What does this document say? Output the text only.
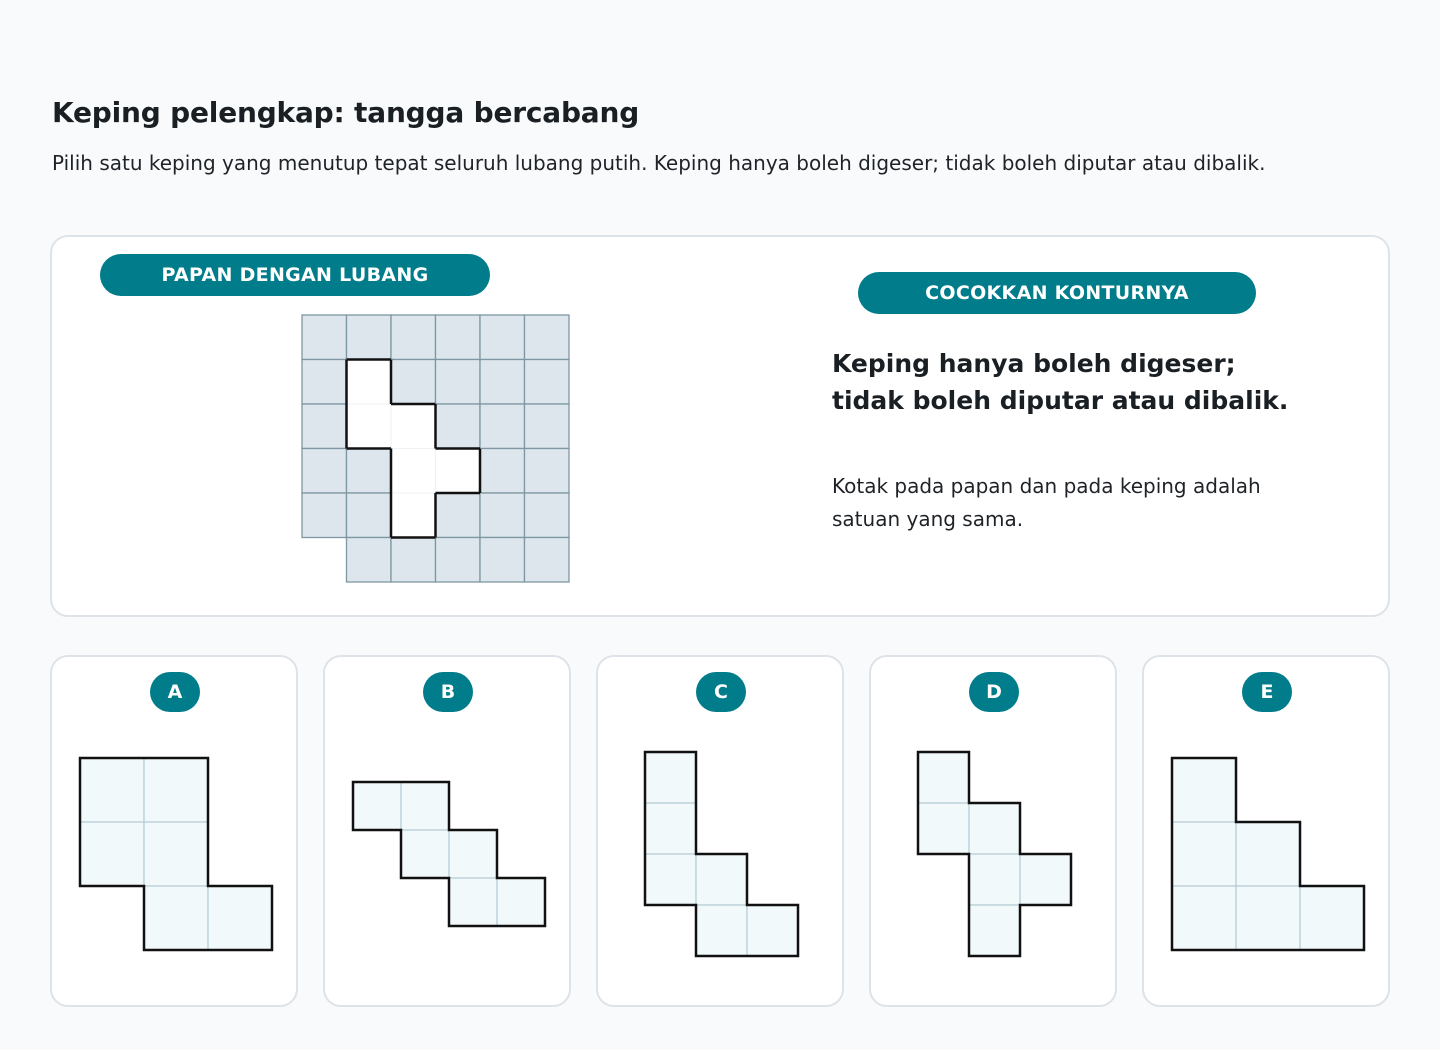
Keping pelengkap: tangga bercabang
Pilih satu keping yang menutup tepat seluruh lubang putih. Keping hanya boleh digeser; tidak boleh diputar atau dibalik.
PAPAN DENGAN LUBANG
COCOKKAN KONTURNYA
Keping hanya boleh digeser; tidak boleh diputar atau dibalik.
Kotak pada papan dan pada keping adalah satuan yang sama.
A	B	C	D	E
